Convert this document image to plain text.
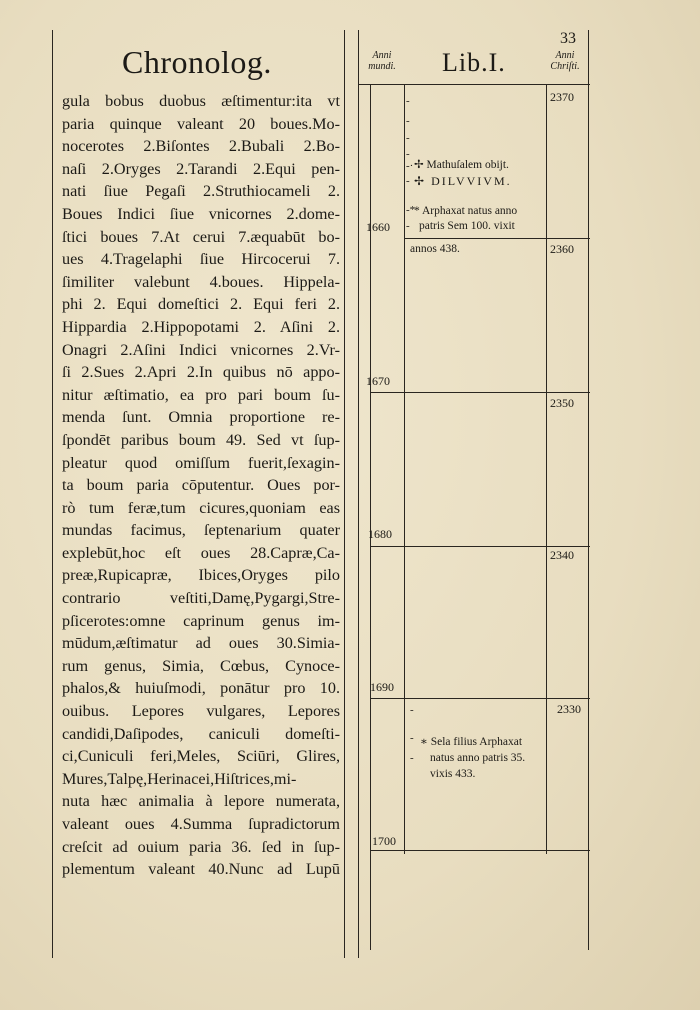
33
Chronolog.
gula bobus duobus æſtimentur:ita vt
paria quinque valeant 20 boues.Mo-
nocerotes 2.Biſontes 2.Bubali 2.Bo-
naſi 2.Oryges 2.Tarandi 2.Equi pen-
nati ſiue Pegaſi 2.Struthiocameli 2.
Boues Indici ſiue vnicornes 2.dome-
ſtici boues 7.At cerui 7.æquabūt bo-
ues 4.Tragelaphi ſiue Hircocerui 7.
ſimiliter valebunt 4.boues. Hippela-
phi 2. Equi domeſtici 2. Equi feri 2.
Hippardia 2.Hippopotami 2. Aſini 2.
Onagri 2.Aſini Indici vnicornes 2.Vr-
ſi 2.Sues 2.Apri 2.In quibus nō appo-
nitur æſtimatio, ea pro pari boum ſu-
menda ſunt. Omnia proportione re-
ſpondēt paribus boum 49. Sed vt ſup-
pleatur quod omiſſum fuerit,ſexagin-
ta boum paria cōputentur. Oues por-
rò tum feræ,tum cicures,quoniam eas
mundas facimus, ſeptenarium quater
explebūt,hoc eſt oues 28.Capræ,Ca-
preæ,Rupicapræ, Ibices,Oryges pilo
contrario veſtiti,Damę,Pygargi,Stre-
pſicerotes:omne caprinum genus im-
mūdum,æſtimatur ad oues 30.Simia-
rum genus, Simia, Cœbus, Cynoce-
phalos,& huiuſmodi, ponātur pro 10.
ouibus. Lepores vulgares, Lepores
candidi,Daſipodes, caniculi domeſti-
ci,Cuniculi feri,Meles, Sciūri, Glires,
Mures,Talpę,Herinacei,Hiſtrices,mi-
nuta hæc animalia à lepore numerata,
valeant oues 4.Summa ſupradictorum
creſcit ad ouium paria 36. ſed in ſup-
plementum valeant 40.Nunc ad Lupū
Anni
mundi. Lib.I.	Anni
Chriſti.
1660
2370
1670
2360
1680
2350
1690
2340
1700
2330
-
-
-
-
-·
-
-*
-
✢ Mathuſalem obijt.
✢ DILVVIVM.
* Arphaxat natus anno
patris Sem 100. vixit
annos 438.
-
-
-
∗ Sela filius Arphaxat
natus anno patris 35.
vixis 433.
